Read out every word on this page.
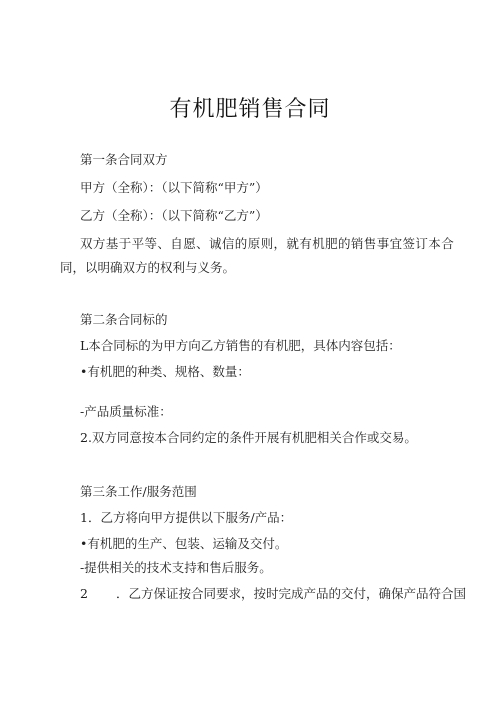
有机肥销售合同
第一条合同双方
甲方（全称）：（以下简称“甲方”）
乙方（全称）：（以下简称“乙方”）
双方基于平等、自愿、诚信的原则，就有机肥的销售事宜签订本合
同，以明确双方的权利与义务。
第二条合同标的
L本合同标的为甲方向乙方销售的有机肥，具体内容包括：
•有机肥的种类、规格、数量：
-产品质量标准：
2.双方同意按本合同约定的条件开展有机肥相关合作或交易。
第三条工作/服务范围
1．乙方将向甲方提供以下服务/产品：
•有机肥的生产、包装、运输及交付。
-提供相关的技术支持和售后服务。
2 ．乙方保证按合同要求，按时完成产品的交付，确保产品符合国
